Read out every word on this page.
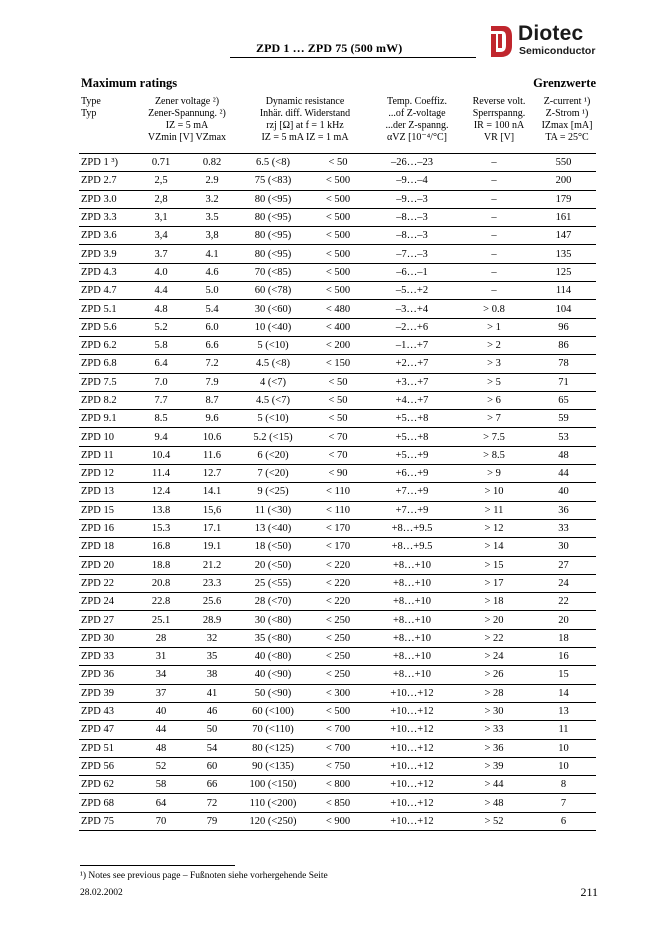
ZPD 1 … ZPD 75 (500 mW)
Diotec
Semiconductor
Maximum ratings	Grenzwerte
Type
Typ
Zener voltage ²)
Zener-Spannung. ²)
IZ = 5 mA
VZmin [V] VZmax
Dynamic resistance
Inhär. diff. Widerstand
rzj [Ω] at f = 1 kHz
IZ = 5 mA IZ = 1 mA
Temp. Coeffiz.
...of Z-voltage
...der Z-spanng.
αVZ [10⁻⁴/°C]
Reverse volt.
Sperrspanng.
IR = 100 nA
VR [V]
Z-current ¹)
Z-Strom ¹)
IZmax [mA]
TA = 25°C
ZPD 1 ³)	0.71	0.82	6.5 (<8)	< 50	–26…–23	–	550
ZPD 2.7	2,5	2.9	75 (<83)	< 500	–9…–4	–	200
ZPD 3.0	2,8	3.2	80 (<95)	< 500	–9…–3	–	179
ZPD 3.3	3,1	3.5	80 (<95)	< 500	–8…–3	–	161
ZPD 3.6	3,4	3,8	80 (<95)	< 500	–8…–3	–	147
ZPD 3.9	3.7	4.1	80 (<95)	< 500	–7…–3	–	135
ZPD 4.3	4.0	4.6	70 (<85)	< 500	–6…–1	–	125
ZPD 4.7	4.4	5.0	60 (<78)	< 500	–5…+2	–	114
ZPD 5.1	4.8	5.4	30 (<60)	< 480	–3…+4	> 0.8	104
ZPD 5.6	5.2	6.0	10 (<40)	< 400	–2…+6	> 1	96
ZPD 6.2	5.8	6.6	5 (<10)	< 200	–1…+7	> 2	86
ZPD 6.8	6.4	7.2	4.5 (<8)	< 150	+2…+7	> 3	78
ZPD 7.5	7.0	7.9	4 (<7)	< 50	+3…+7	> 5	71
ZPD 8.2	7.7	8.7	4.5 (<7)	< 50	+4…+7	> 6	65
ZPD 9.1	8.5	9.6	5 (<10)	< 50	+5…+8	> 7	59
ZPD 10	9.4	10.6	5.2 (<15)	< 70	+5…+8	> 7.5	53
ZPD 11	10.4	11.6	6 (<20)	< 70	+5…+9	> 8.5	48
ZPD 12	11.4	12.7	7 (<20)	< 90	+6…+9	> 9	44
ZPD 13	12.4	14.1	9 (<25)	< 110	+7…+9	> 10	40
ZPD 15	13.8	15,6	11 (<30)	< 110	+7…+9	> 11	36
ZPD 16	15.3	17.1	13 (<40)	< 170	+8…+9.5	> 12	33
ZPD 18	16.8	19.1	18 (<50)	< 170	+8…+9.5	> 14	30
ZPD 20	18.8	21.2	20 (<50)	< 220	+8…+10	> 15	27
ZPD 22	20.8	23.3	25 (<55)	< 220	+8…+10	> 17	24
ZPD 24	22.8	25.6	28 (<70)	< 220	+8…+10	> 18	22
ZPD 27	25.1	28.9	30 (<80)	< 250	+8…+10	> 20	20
ZPD 30	28	32	35 (<80)	< 250	+8…+10	> 22	18
ZPD 33	31	35	40 (<80)	< 250	+8…+10	> 24	16
ZPD 36	34	38	40 (<90)	< 250	+8…+10	> 26	15
ZPD 39	37	41	50 (<90)	< 300	+10…+12	> 28	14
ZPD 43	40	46	60 (<100)	< 500	+10…+12	> 30	13
ZPD 47	44	50	70 (<110)	< 700	+10…+12	> 33	11
ZPD 51	48	54	80 (<125)	< 700	+10…+12	> 36	10
ZPD 56	52	60	90 (<135)	< 750	+10…+12	> 39	10
ZPD 62	58	66	100 (<150)	< 800	+10…+12	> 44	8
ZPD 68	64	72	110 (<200)	< 850	+10…+12	> 48	7
ZPD 75	70	79	120 (<250)	< 900	+10…+12	> 52	6
¹) Notes see previous page – Fußnoten siehe vorhergehende Seite
28.02.2002	211
